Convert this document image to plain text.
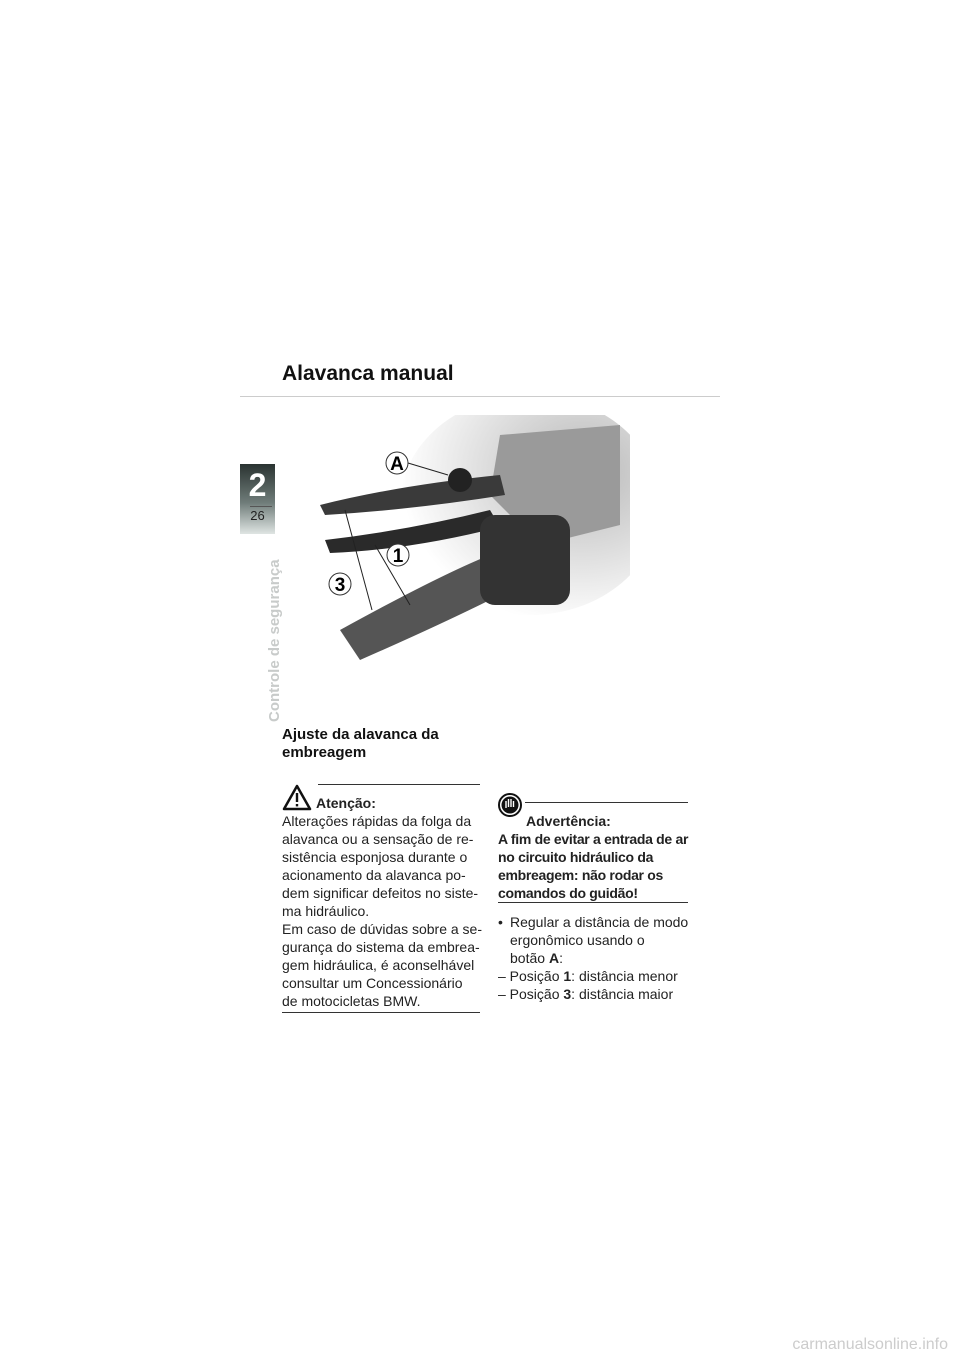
Alavanca manual
2
26
Controle de segurança
A
1
3
Ajuste da alavanca da embreagem
Atenção:
Alterações rápidas da folga da
alavanca ou a sensação de re-
sistência esponjosa durante o
acionamento da alavanca po-
dem significar defeitos no siste-
ma hidráulico.
Em caso de dúvidas sobre a se-
gurança do sistema da embrea-
gem hidráulica, é aconselhável
consultar um Concessionário
de motocicletas BMW.
Advertência:
A fim de evitar a entrada de ar
no circuito hidráulico da
embreagem: não rodar os
comandos do guidão!
• Regular a distância de modo ergonômico usando o
botão A:
– Posição 1: distância menor
– Posição 3: distância maior
carmanualsonline.info
